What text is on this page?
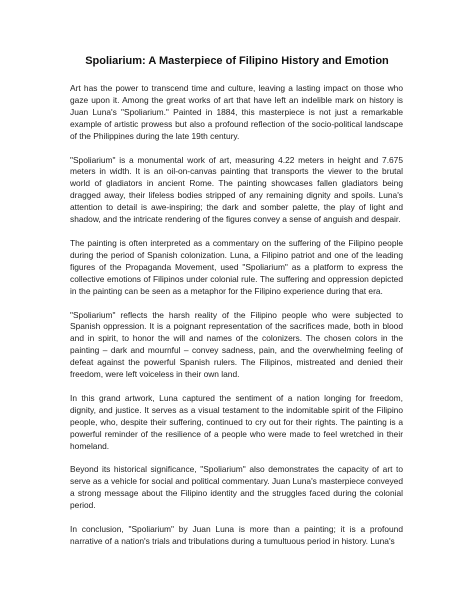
Spoliarium: A Masterpiece of Filipino History and Emotion

Art has the power to transcend time and culture, leaving a lasting impact on those who gaze upon it. Among the great works of art that have left an indelible mark on history is Juan Luna's "Spoliarium." Painted in 1884, this masterpiece is not just a remarkable example of artistic prowess but also a profound reflection of the socio-political landscape of the Philippines during the late 19th century.

"Spoliarium" is a monumental work of art, measuring 4.22 meters in height and 7.675 meters in width. It is an oil-on-canvas painting that transports the viewer to the brutal world of gladiators in ancient Rome. The painting showcases fallen gladiators being dragged away, their lifeless bodies stripped of any remaining dignity and spoils. Luna's attention to detail is awe-inspiring; the dark and somber palette, the play of light and shadow, and the intricate rendering of the figures convey a sense of anguish and despair.

The painting is often interpreted as a commentary on the suffering of the Filipino people during the period of Spanish colonization. Luna, a Filipino patriot and one of the leading figures of the Propaganda Movement, used "Spoliarium" as a platform to express the collective emotions of Filipinos under colonial rule. The suffering and oppression depicted in the painting can be seen as a metaphor for the Filipino experience during that era.

"Spoliarium" reflects the harsh reality of the Filipino people who were subjected to Spanish oppression. It is a poignant representation of the sacrifices made, both in blood and in spirit, to honor the will and names of the colonizers. The chosen colors in the painting – dark and mournful – convey sadness, pain, and the overwhelming feeling of defeat against the powerful Spanish rulers. The Filipinos, mistreated and denied their freedom, were left voiceless in their own land.

In this grand artwork, Luna captured the sentiment of a nation longing for freedom, dignity, and justice. It serves as a visual testament to the indomitable spirit of the Filipino people, who, despite their suffering, continued to cry out for their rights. The painting is a powerful reminder of the resilience of a people who were made to feel wretched in their homeland.

Beyond its historical significance, "Spoliarium" also demonstrates the capacity of art to serve as a vehicle for social and political commentary. Juan Luna's masterpiece conveyed a strong message about the Filipino identity and the struggles faced during the colonial period.

In conclusion, "Spoliarium" by Juan Luna is more than a painting; it is a profound narrative of a nation's trials and tribulations during a tumultuous period in history. Luna's
